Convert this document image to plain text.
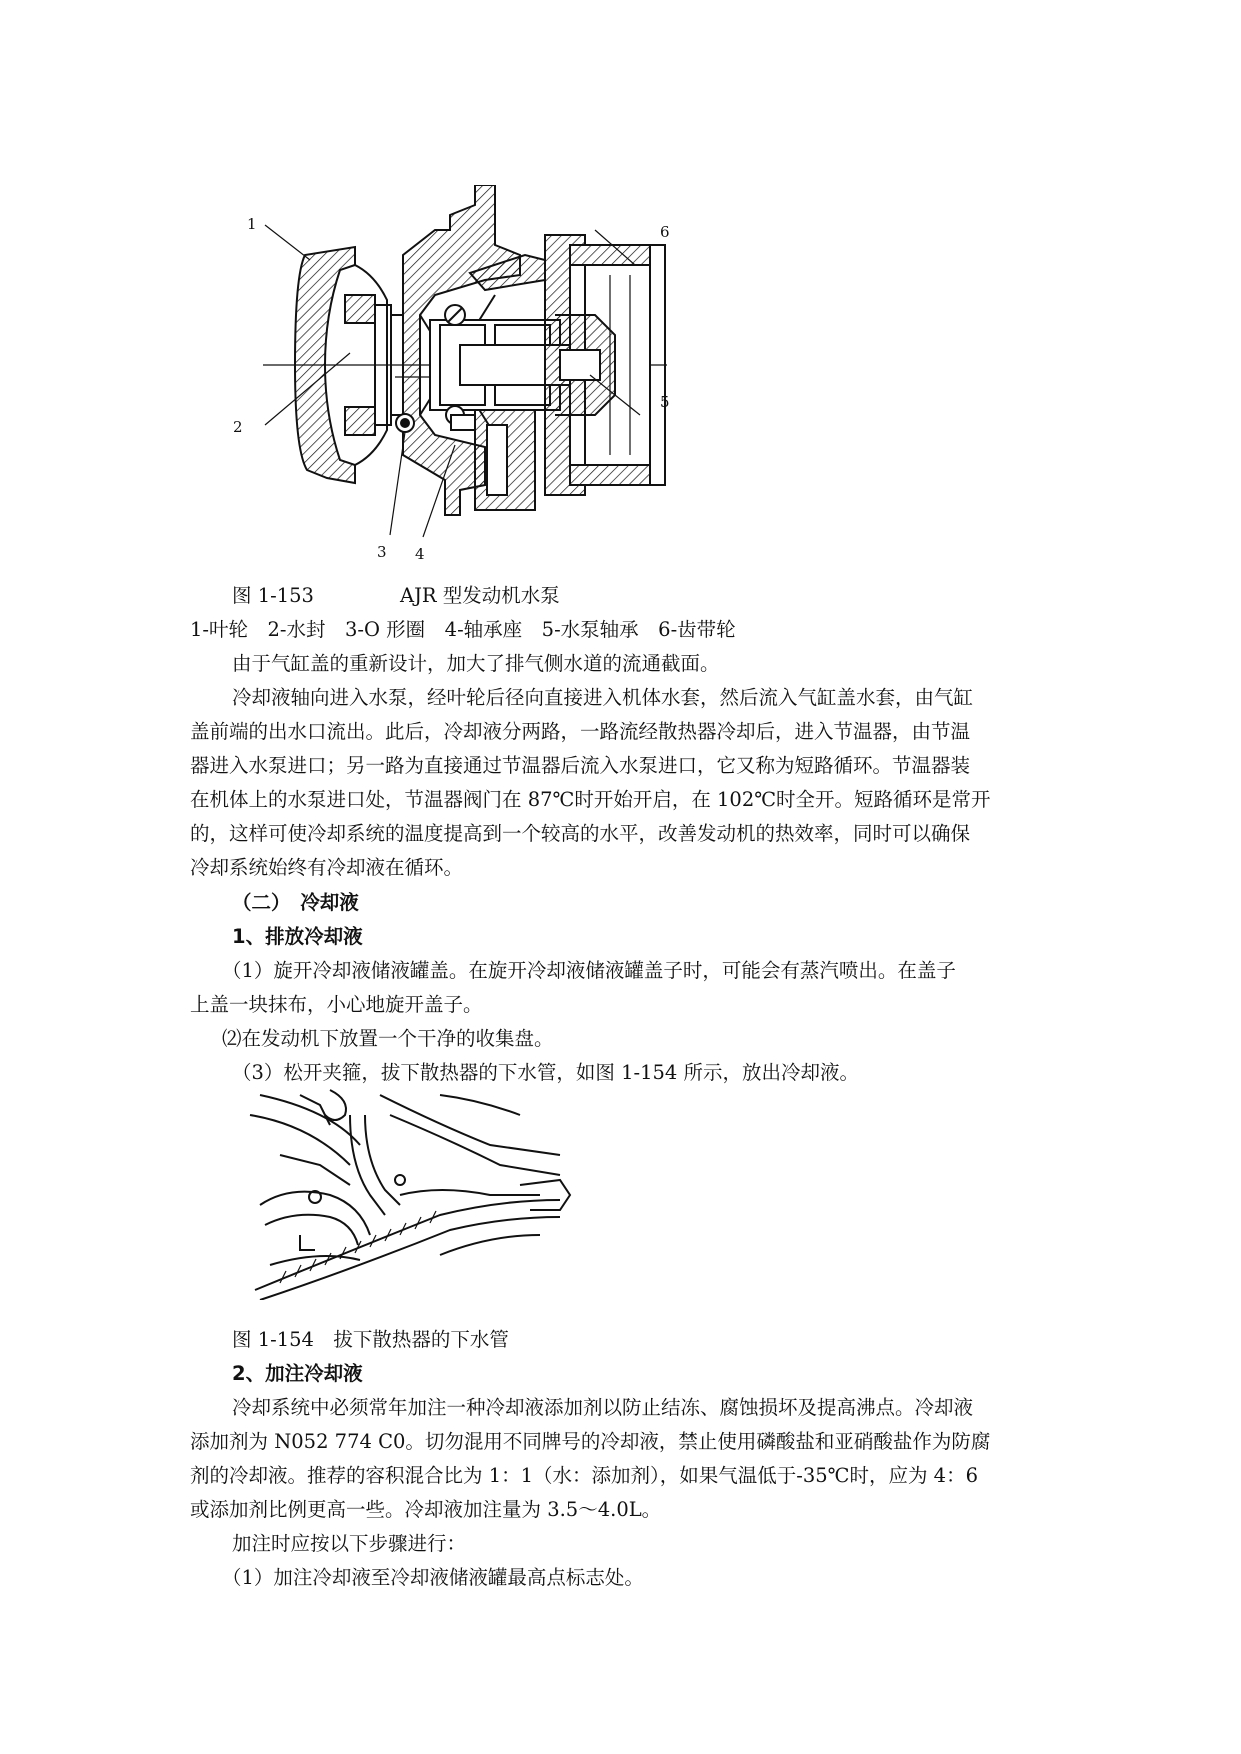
1	6
5
2
3 4
图 1-153	AJR 型发动机水泵
1-叶轮　2-水封　3-O 形圈　4-轴承座　5-水泵轴承　6-齿带轮
由于气缸盖的重新设计，加大了排气侧水道的流通截面。
冷却液轴向进入水泵，经叶轮后径向直接进入机体水套，然后流入气缸盖水套，由气缸
盖前端的出水口流出。此后，冷却液分两路，一路流经散热器冷却后，进入节温器，由节温
器进入水泵进口；另一路为直接通过节温器后流入水泵进口，它又称为短路循环。节温器装
在机体上的水泵进口处，节温器阀门在 87℃时开始开启，在 102℃时全开。短路循环是常开
的，这样可使冷却系统的温度提高到一个较高的水平，改善发动机的热效率，同时可以确保
冷却系统始终有冷却液在循环。
（二）　冷却液
1、排放冷却液
（1）旋开冷却液储液罐盖。在旋开冷却液储液罐盖子时，可能会有蒸汽喷出。在盖子
上盖一块抹布，小心地旋开盖子。
⑵在发动机下放置一个干净的收集盘。
（3）松开夹箍，拔下散热器的下水管，如图 1-154 所示，放出冷却液。
图 1-154　拔下散热器的下水管
2、加注冷却液
冷却系统中必须常年加注一种冷却液添加剂以防止结冻、腐蚀损坏及提高沸点。冷却液
添加剂为 N052 774 C0。切勿混用不同牌号的冷却液，禁止使用磷酸盐和亚硝酸盐作为防腐
剂的冷却液。推荐的容积混合比为 1：1（水：添加剂），如果气温低于-35℃时，应为 4：6
或添加剂比例更高一些。冷却液加注量为 3.5～4.0L。
加注时应按以下步骤进行：
（1）加注冷却液至冷却液储液罐最高点标志处。
